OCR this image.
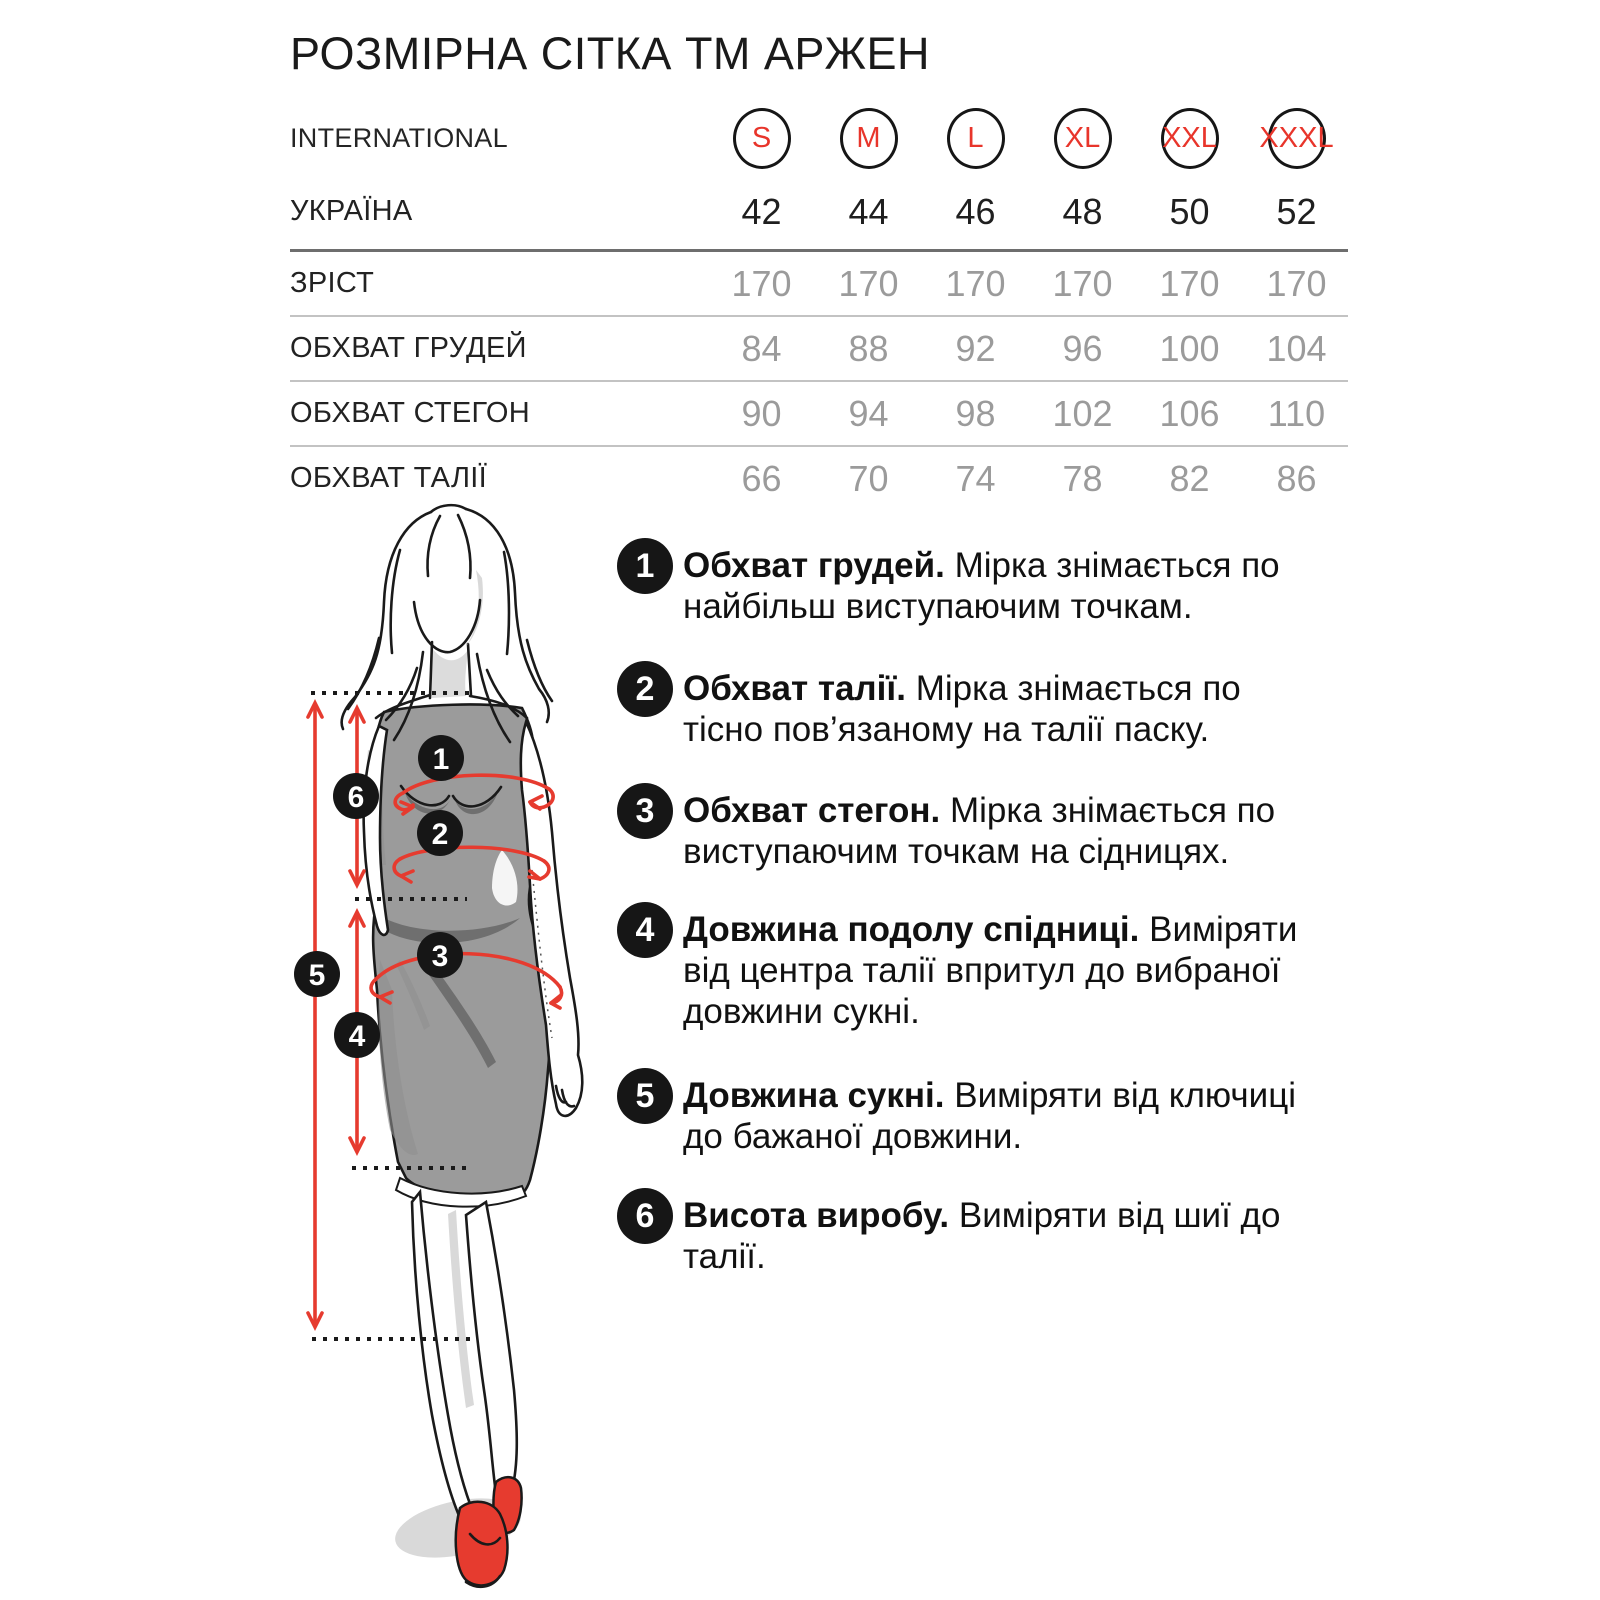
РОЗМІРНА СІТКА ТМ АРЖЕН
INTERNATIONAL	S	M	L	XL	XXL	XXXL
УКРАЇНА	42	44	46	48	50	52
ЗРІСТ	170	170	170	170	170	170
ОБХВАТ ГРУДЕЙ	84	88	92	96	100	104
ОБХВАТ СТЕГОН	90	94	98	102	106	110
ОБХВАТ ТАЛІЇ	66	70	74	78	82	86
1
2
3
4
5
6
1 Обхват грудей. Мірка знімається по найбільш виступаючим точкам.
2 Обхват талії. Мірка знімається по тісно пов’язаному на талії паску.
3 Обхват стегон. Мірка знімається по виступаючим точкам на сідницях.
4 Довжина подолу спідниці. Виміряти від центра талії впритул до вибраної довжини сукні.
5 Довжина сукні. Виміряти від ключиці до бажаної довжини.
6 Висота виробу. Виміряти від шиї до талії.
